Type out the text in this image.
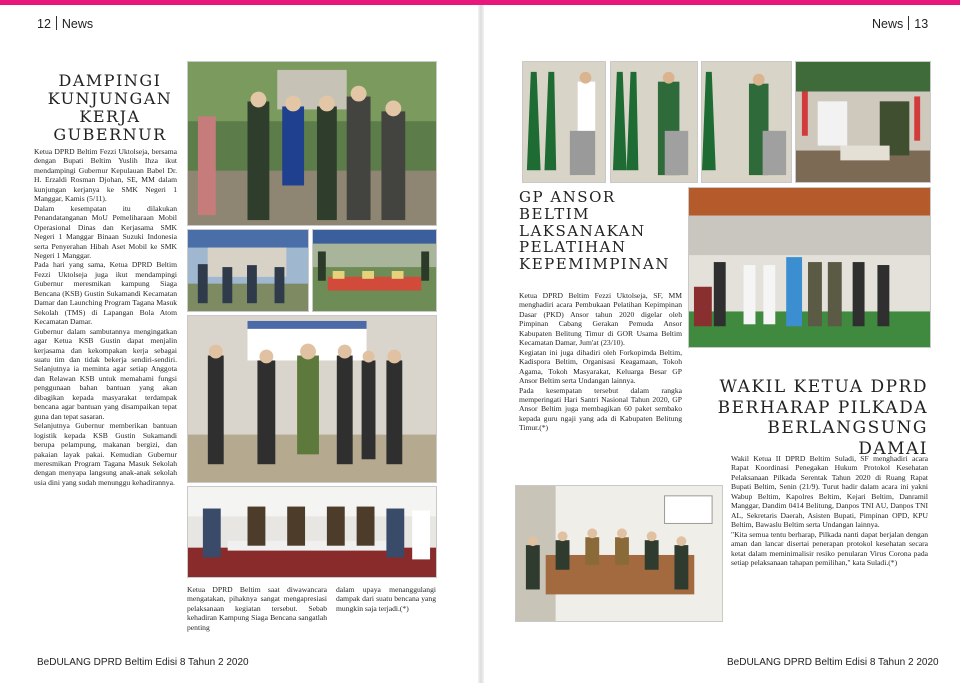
12 News	News 13
DAMPINGI
KUNJUNGAN
KERJA GUBERNUR

Ketua DPRD Beltim Fezzi Uktolseja, bersama dengan Bupati Beltim Yuslih Ihza ikut mendampingi Gubernur Kepulauan Babel Dr. H. Erzaldi Rosman Djohan, SE, MM dalam kunjungan kerjanya ke SMK Negeri 1 Manggar, Kamis (5/11).

Dalam kesempatan itu dilakukan Penandatanganan MoU Pemeliharaan Mobil Operasional Dinas dan Kerjasama SMK Negeri 1 Manggar Binaan Suzuki Indonesia serta Penyerahan Hibah Aset Mobil ke SMK Negeri 1 Manggar.

Pada hari yang sama, Ketua DPRD Beltim Fezzi Uktolseja juga ikut mendampingi Gubernur meresmikan kampung Siaga Bencana (KSB) Gustin Sukamandi Kecamatan Damar dan Launching Program Tagana Masuk Sekolah (TMS) di Lapangan Bola Atom Kecamatan Damar.

Gubernur dalam sambutannya mengingatkan agar Ketua KSB Gustin dapat menjalin kerjasama dan kekompakan kerja sebagai suatu tim dan tidak bekerja sendiri-sendiri. Selanjutnya ia meminta agar setiap Anggota dan Relawan KSB untuk memahami fungsi penggunaan bahan bantuan yang akan dibagikan kepada masyarakat terdampak bencana agar bantuan yang disampaikan tepat guna dan tepat sasaran.

Selanjutnya Gubernur memberikan bantuan logistik kepada KSB Gustin Sukamandi berupa pelampung, makanan bergizi, dan pakaian layak pakai. Kemudian Gubernur meresmikan Program Tagana Masuk Sekolah dengan menyapa langsung anak-anak sekolah usia dini yang sudah menunggu kehadirannya.

Ketua DPRD Beltim saat diwawancara mengatakan, pihaknya sangat mengapresiasi pelaksanaan kegiatan tersebut. Sebab kehadiran Kampung Siaga Bencana sangatlah penting

dalam upaya menanggulangi dampak dari suatu bencana yang mungkin saja terjadi.(*)

BeDULANG DPRD Beltim Edisi 8 Tahun 2 2020
GP ANSOR
BELTIM
LAKSANAKAN
PELATIHAN
KEPEMIMPINAN

Ketua DPRD Beltim Fezzi Uktolseja, SF, MM menghadiri acara Pembukaan Pelatihan Kepimpinan Dasar (PKD) Ansor tahun 2020 digelar oleh Pimpinan Cabang Gerakan Pemuda Ansor Kabupaten Belitung Timur di GOR Usama Beltim Kecamatan Damar, Jum'at (23/10).

Kegiatan ini juga dihadiri oleh Forkopimda Beltim, Kadispora Beltim, Organisasi Keagamaan, Tokoh Agama, Tokoh Masyarakat, Keluarga Besar GP Ansor Beltim serta Undangan lainnya.

Pada kesempatan tersebut dalam rangka memperingati Hari Santri Nasional Tahun 2020, GP Ansor Beltim juga membagikan 60 paket sembako kepada guru ngaji yang ada di Kabupaten Belitung Timur.(*)

WAKIL KETUA DPRD
BERHARAP PILKADA
BERLANGSUNG DAMAI

Wakil Ketua II DPRD Beltim Suladi, SF menghadiri acara Rapat Koordinasi Penegakan Hukum Protokol Kesehatan Pelaksanaan Pilkada Serentak Tahun 2020 di Ruang Rapat Bupati Beltim, Senin (21/9). Turut hadir dalam acara ini yakni Wabup Beltim, Kapolres Beltim, Kejari Beltim, Danramil Manggar, Dandim 0414 Belitung, Danpos TNI AU, Danpos TNI AL, Sekretaris Daerah, Asisten Bupati, Pimpinan OPD, KPU Beltim, Bawaslu Beltim serta Undangan lainnya.

"Kita semua tentu berharap, Pilkada nanti dapat berjalan dengan aman dan lancar disertai penerapan protokol kesehatan secara ketat dalam meminimalisir resiko penularan Virus Corona pada setiap pelaksanaan tahapan pemilihan," kata Suladi.(*)

BeDULANG DPRD Beltim Edisi 8 Tahun 2 2020
